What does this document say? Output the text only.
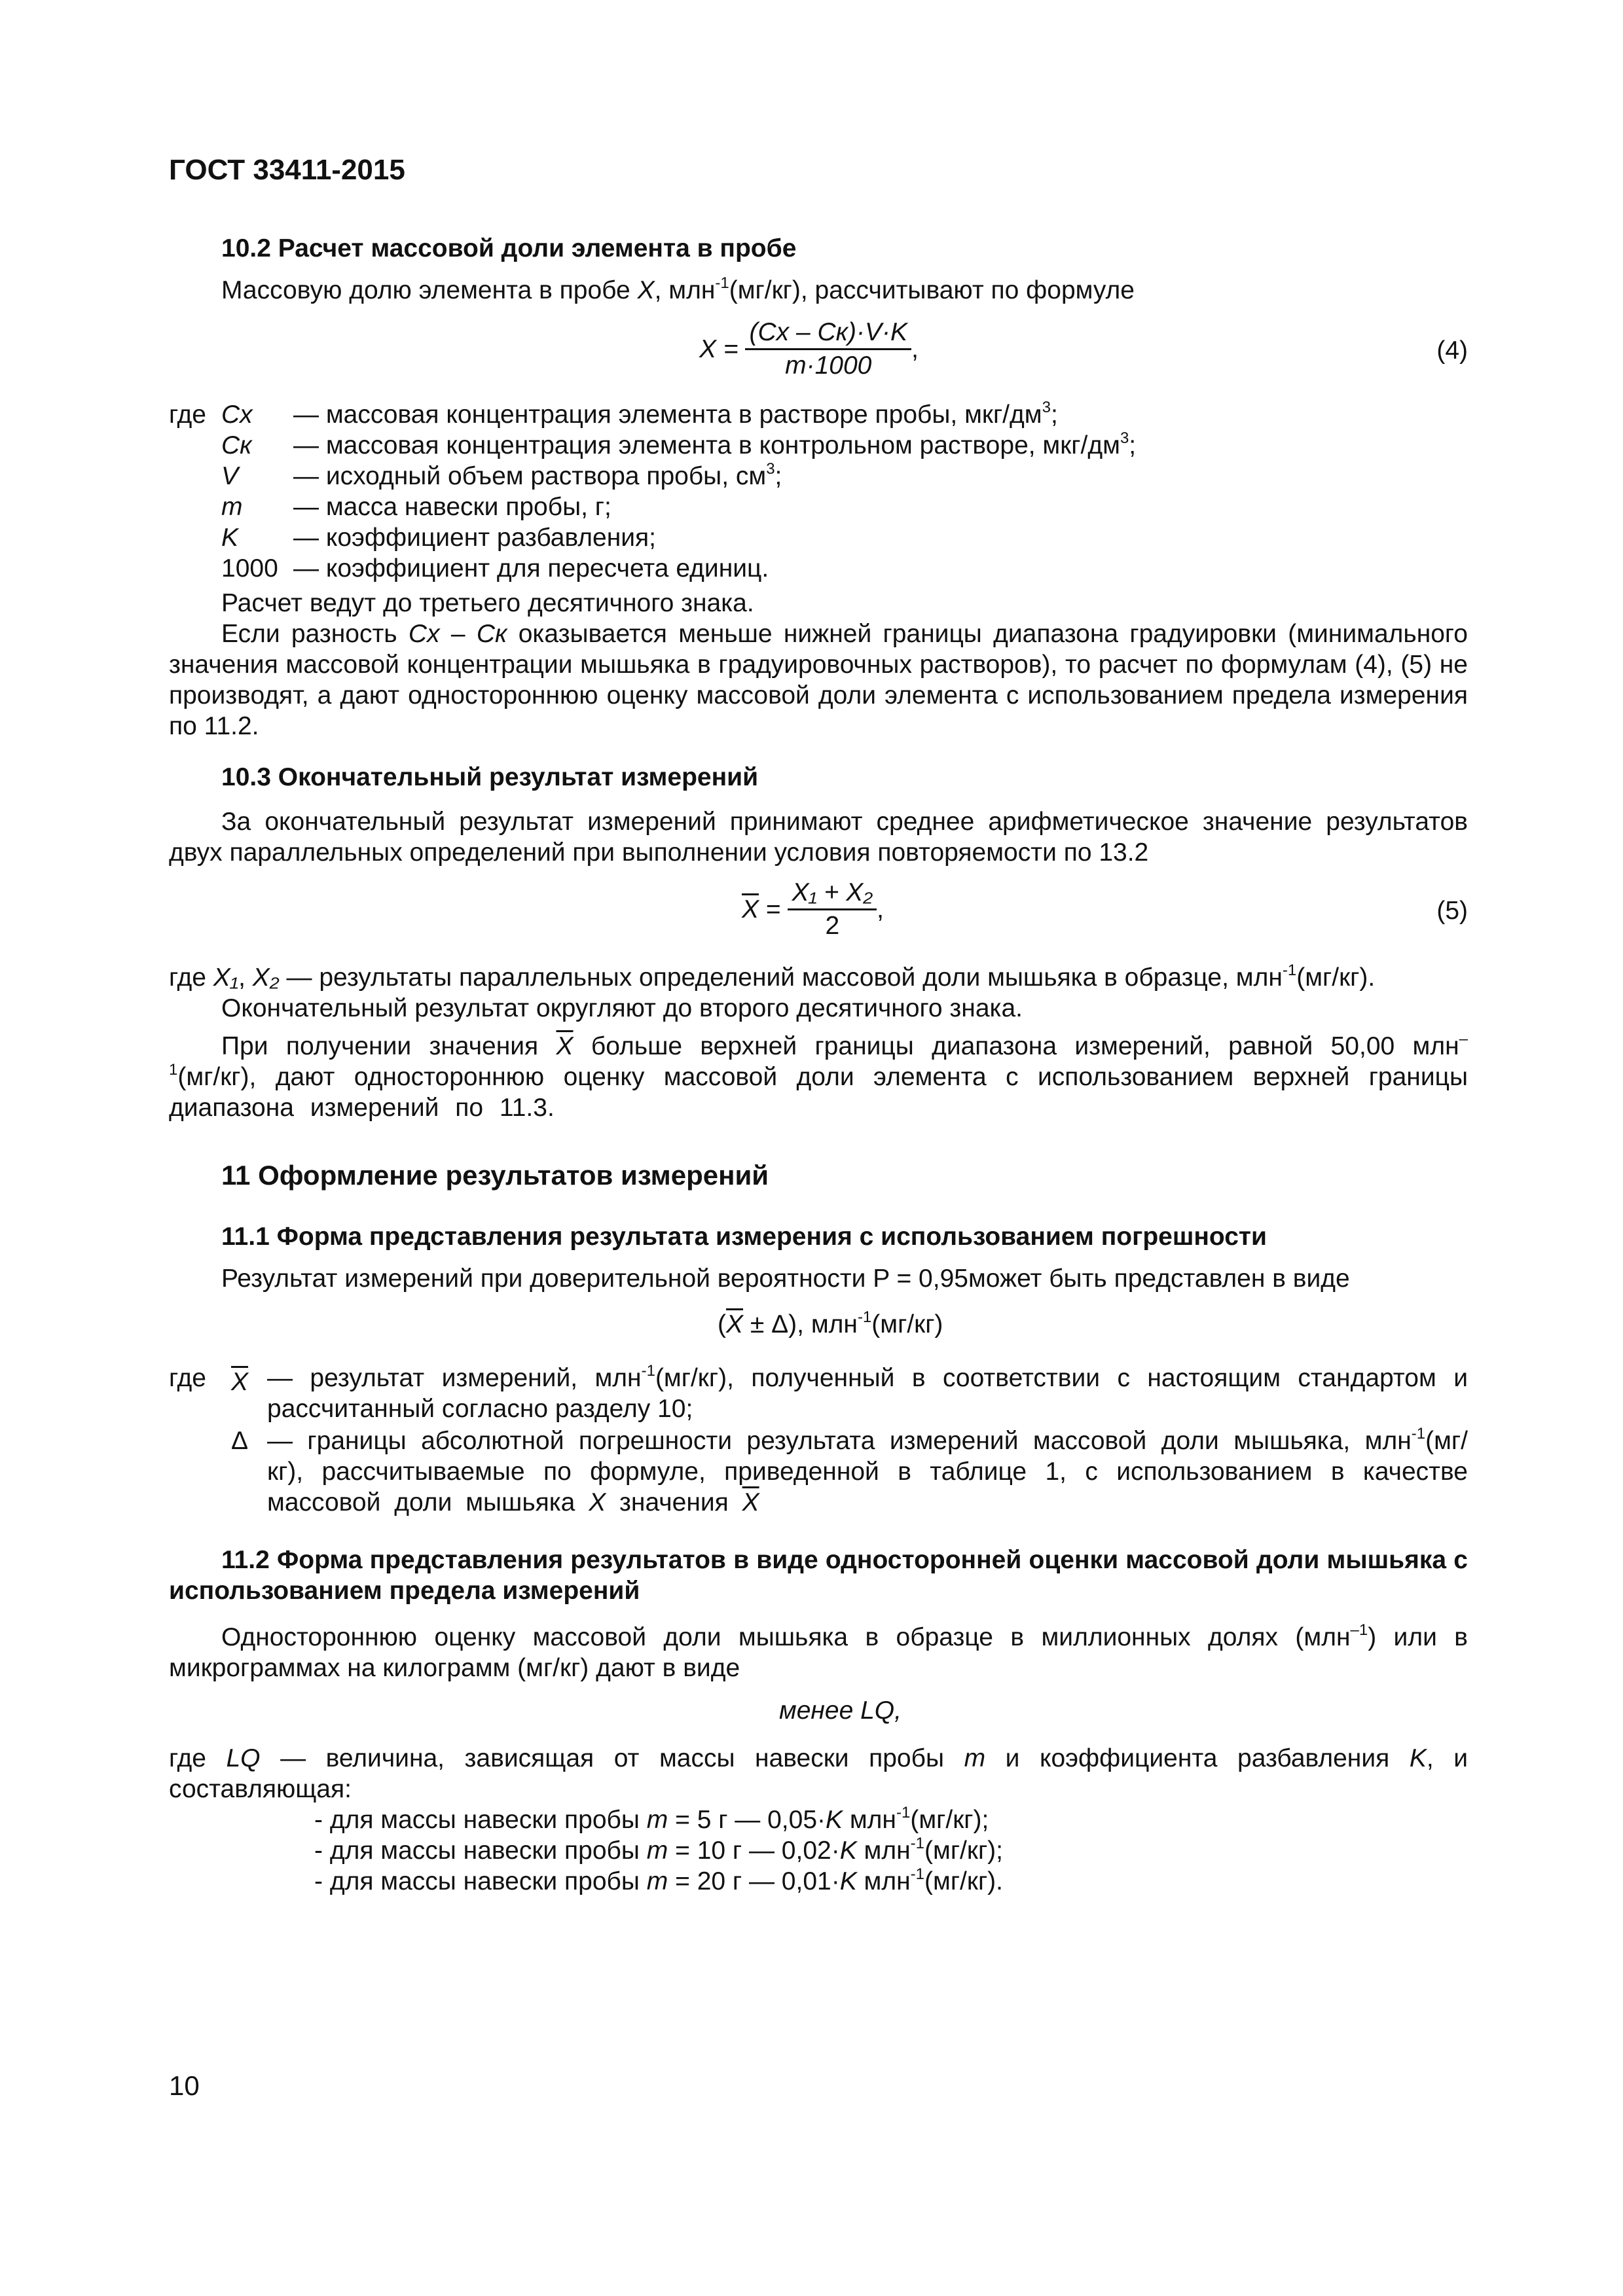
ГОСТ 33411-2015
10.2 Расчет массовой доли элемента в пробе

Массовую долю элемента в пробе X, млн$^{-1}$(мг/кг), рассчитывают по формуле

$X = \frac{(Cх - Cк)\cdot V\cdot K}{m\cdot 1000}$ ,	(4)
где Cх — массовая концентрация элемента в растворе пробы, мкг/$дм^3$;
Cк — массовая концентрация элемента в контрольном растворе, мкг/$дм^3$;
V — исходный объем раствора пробы, $см^3$;
m — масса навески пробы, г;
K — коэффициент разбавления;
1000 — коэффициент для пересчета единиц.

Расчет ведут до третьего десятичного знака.

Если разность Cх – Cк оказывается меньше нижней границы диапазона градуировки (минимального значения массовой концентрации мышьяка в градуировочных растворов), то расчет по формулам (4), (5) не производят, а дают одностороннюю оценку массовой доли элемента с использованием предела измерения по 11.2.

10.3 Окончательный результат измерений

За окончательный результат измерений принимают среднее арифметическое значение результатов двух параллельных определений при выполнении условия повторяемости по 13.2

$\overline{X} = \frac{\text{X₁ + X₂}}{2}$ ,	(5)

где X₁, X₂ — результаты параллельных определений массовой доли мышьяка в образце, млн$^{-1}$(мг/кг).

Окончательный результат округляют до второго десятичного знака.

При получении значения $\overline{X}$ больше верхней границы диапазона измерений, равной 50,00 млн$^{-1}$(мг/кг), дают одностороннюю оценку массовой доли элемента с использованием верхней границы диапазона измерений по 11.3.

11 Оформление результатов измерений
11.1 Форма представления результата измерения с использованием погрешности

Результат измерений при доверительной вероятности P = 0,95может быть представлен в виде

$(\overline{X} \pm \Delta)$, млн$^{-1}$(мг/кг)
где $\overline{X}$ — результат измерений, млн$^{-1}$(мг/кг), полученный в соответствии с настоящим стандартом и рассчитанный согласно разделу 10;

Δ — границы абсолютной погрешности результата измерений массовой доли мышьяка, млн$^{-1}$(мг/кг), рассчитываемые по формуле, приведенной в таблице 1, с использованием в качестве массовой доли мышьяка X значения $\overline{X}$

11.2 Форма представления результатов в виде односторонней оценки массовой доли мышьяка с использованием предела измерений

Одностороннюю оценку массовой доли мышьяка в образце в миллионных долях (млн$^{-1}$) или в микрограммах на килограмм (мг/кг) дают в виде

менее LQ,

где LQ — величина, зависящая от массы навески пробы m и коэффициента разбавления K, и составляющая:

- для массы навески пробы m = 5 г — 0,05·K млн$^{-1}$(мг/кг);
- для массы навески пробы m = 10 г — 0,02·K млн$^{-1}$(мг/кг);
- для массы навески пробы m = 20 г — 0,01·K млн$^{-1}$(мг/кг).
10
